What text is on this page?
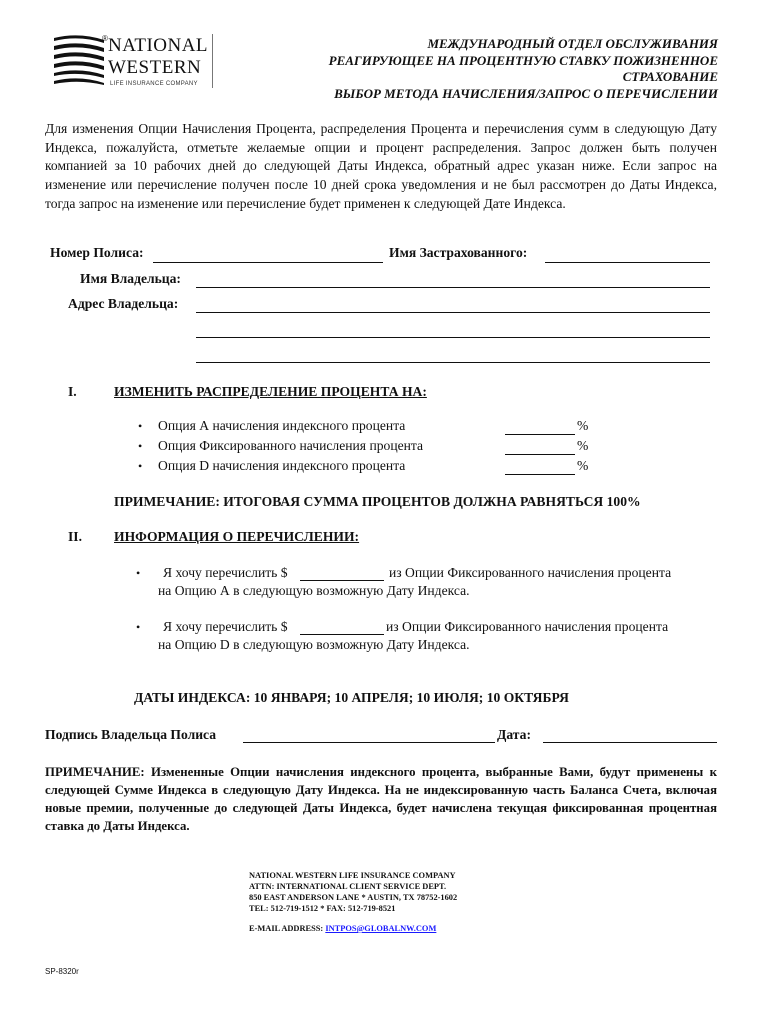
NATIONAL
®
WESTERN
LIFE INSURANCE COMPANY
МЕЖДУНАРОДНЫЙ ОТДЕЛ ОБСЛУЖИВАНИЯ
РЕАГИРУЮЩЕЕ НА ПРОЦЕНТНУЮ СТАВКУ ПОЖИЗНЕННОЕ
СТРАХОВАНИЕ
ВЫБОР МЕТОДА НАЧИСЛЕНИЯ/ЗАПРОС О ПЕРЕЧИСЛЕНИИ
Для изменения Опции Начисления Процента, распределения Процента и перечисления сумм в следующую Дату Индекса, пожалуйста, отметьте желаемые опции и процент распределения. Запрос должен быть получен компанией за 10 рабочих дней до следующей Даты Индекса, обратный адрес указан ниже. Если запрос на изменение или перечисление получен после 10 дней срока уведомления и не был рассмотрен до Даты Индекса, тогда запрос на изменение или перечисление будет применен к следующей Дате Индекса.
Номер Полиса:	Имя Застрахованного:
Имя Владельца:
Адрес Владельца:
I.	ИЗМЕНИТЬ РАСПРЕДЕЛЕНИЕ ПРОЦЕНТА НА:
• Опция А начисления индексного процента	%
• Опция Фиксированного начисления процента	%
• Опция D начисления индексного процента	%
ПРИМЕЧАНИЕ: ИТОГОВАЯ СУММА ПРОЦЕНТОВ ДОЛЖНА РАВНЯТЬСЯ 100%
II. ИНФОРМАЦИЯ О ПЕРЕЧИСЛЕНИИ:
• Я хочу перечислить $	из Опции Фиксированного начисления процента
на Опцию А в следующую возможную Дату Индекса.
• Я хочу перечислить $	из Опции Фиксированного начисления процента
на Опцию D в следующую возможную Дату Индекса.
ДАТЫ ИНДЕКСА: 10 ЯНВАРЯ; 10 АПРЕЛЯ; 10 ИЮЛЯ; 10 ОКТЯБРЯ
Подпись Владельца Полиса	Дата:
ПРИМЕЧАНИЕ: Измененные Опции начисления индексного процента, выбранные Вами, будут применены к следующей Сумме Индекса в следующую Дату Индекса. На не индексированную часть Баланса Счета, включая новые премии, полученные до следующей Даты Индекса, будет начислена текущая фиксированная процентная ставка до Даты Индекса.
NATIONAL WESTERN LIFE INSURANCE COMPANY
ATTN: INTERNATIONAL CLIENT SERVICE DEPT.
850 EAST ANDERSON LANE * AUSTIN, TX 78752-1602
TEL: 512-719-1512 * FAX: 512-719-8521
E-MAIL ADDRESS: INTPOS@GLOBALNW.COM
SP-8320r
